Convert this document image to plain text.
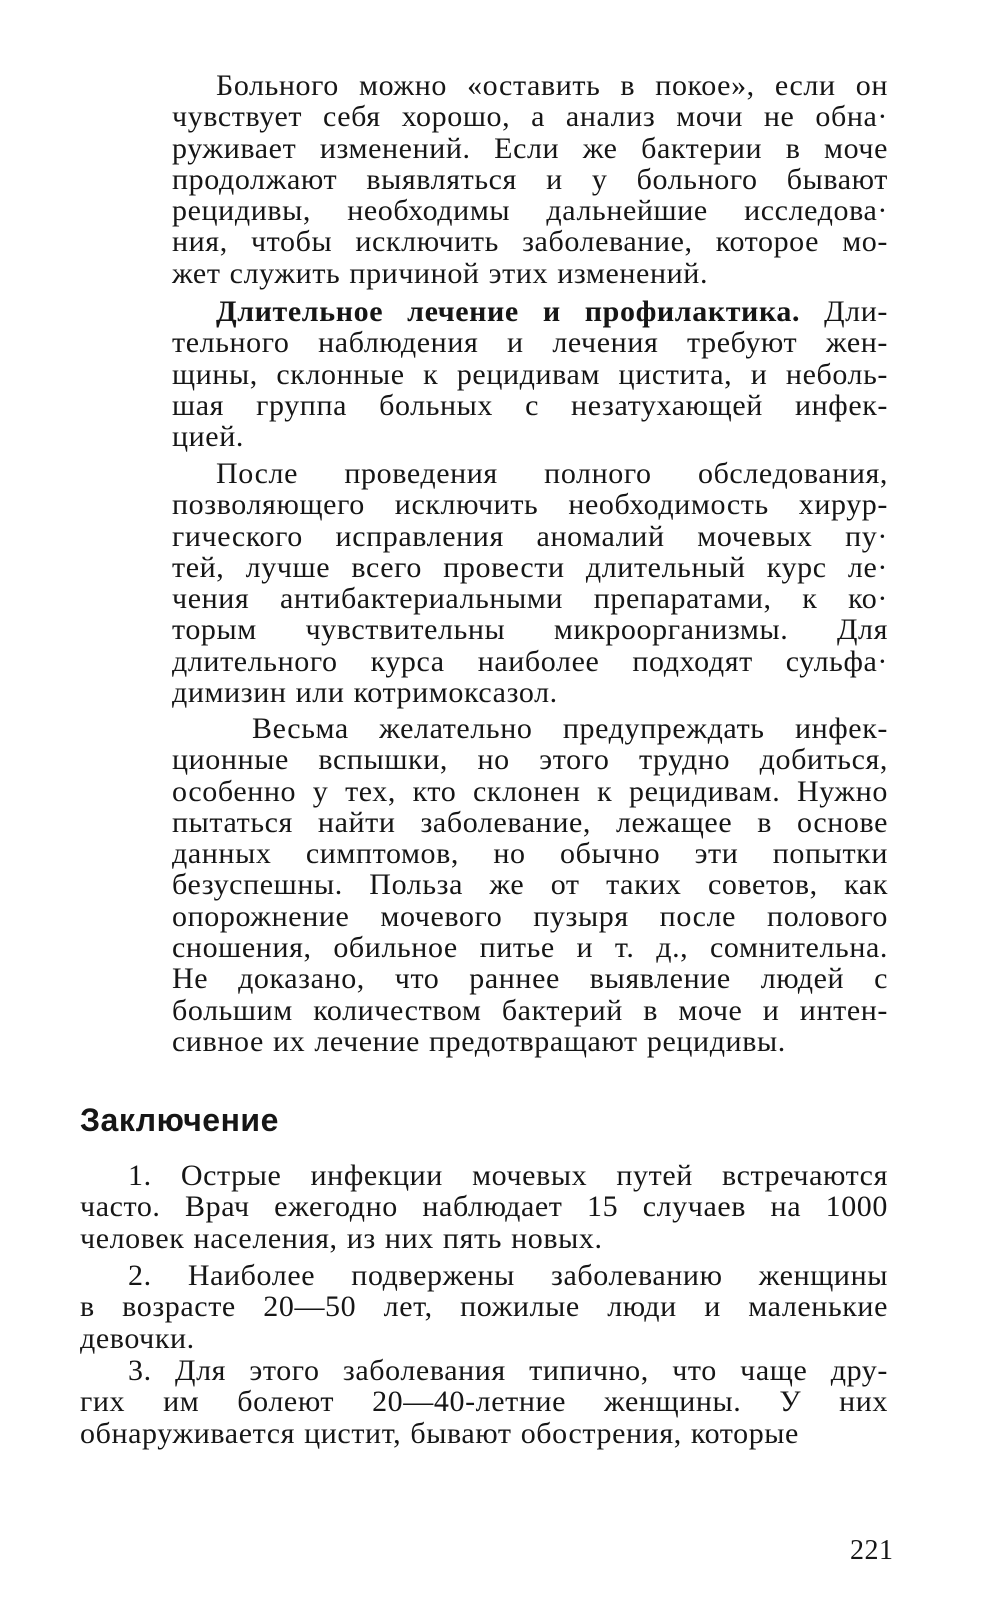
Больного можно «оставить в покое», если он
чувствует себя хорошо, а анализ мочи не обна·
руживает изменений. Если же бактерии в моче
продолжают выявляться и у больного бывают
рецидивы, необходимы дальнейшие исследова·
ния, чтобы исключить заболевание, которое мо-
жет служить причиной этих изменений.
Длительное лечение и профилактика. Дли-
тельного наблюдения и лечения требуют жен-
щины, склонные к рецидивам цистита, и неболь-
шая группа больных с незатухающей инфек-
цией.
После проведения полного обследования,
позволяющего исключить необходимость хирур-
гического исправления аномалий мочевых пу·
тей, лучше всего провести длительный курс ле·
чения антибактериальными препаратами, к ко·
торым чувствительны микроорганизмы. Для
длительного курса наиболее подходят сульфа·
димизин или котримоксазол.
Весьма желательно предупреждать инфек-
ционные вспышки, но этого трудно добиться,
особенно у тех, кто склонен к рецидивам. Нужно
пытаться найти заболевание, лежащее в основе
данных симптомов, но обычно эти попытки
безуспешны. Польза же от таких советов, как
опорожнение мочевого пузыря после полового
сношения, обильное питье и т. д., сомнительна.
Не доказано, что раннее выявление людей с
большим количеством бактерий в моче и интен-
сивное их лечение предотвращают рецидивы.
Заключение
1. Острые инфекции мочевых путей встречаются
часто. Врач ежегодно наблюдает 15 случаев на 1000
человек населения, из них пять новых.
2. Наиболее подвержены заболеванию женщины
в возрасте 20—50 лет, пожилые люди и маленькие
девочки.
3. Для этого заболевания типично, что чаще дру-
гих им болеют 20—40-летние женщины. У них
обнаруживается цистит, бывают обострения, которые
221
